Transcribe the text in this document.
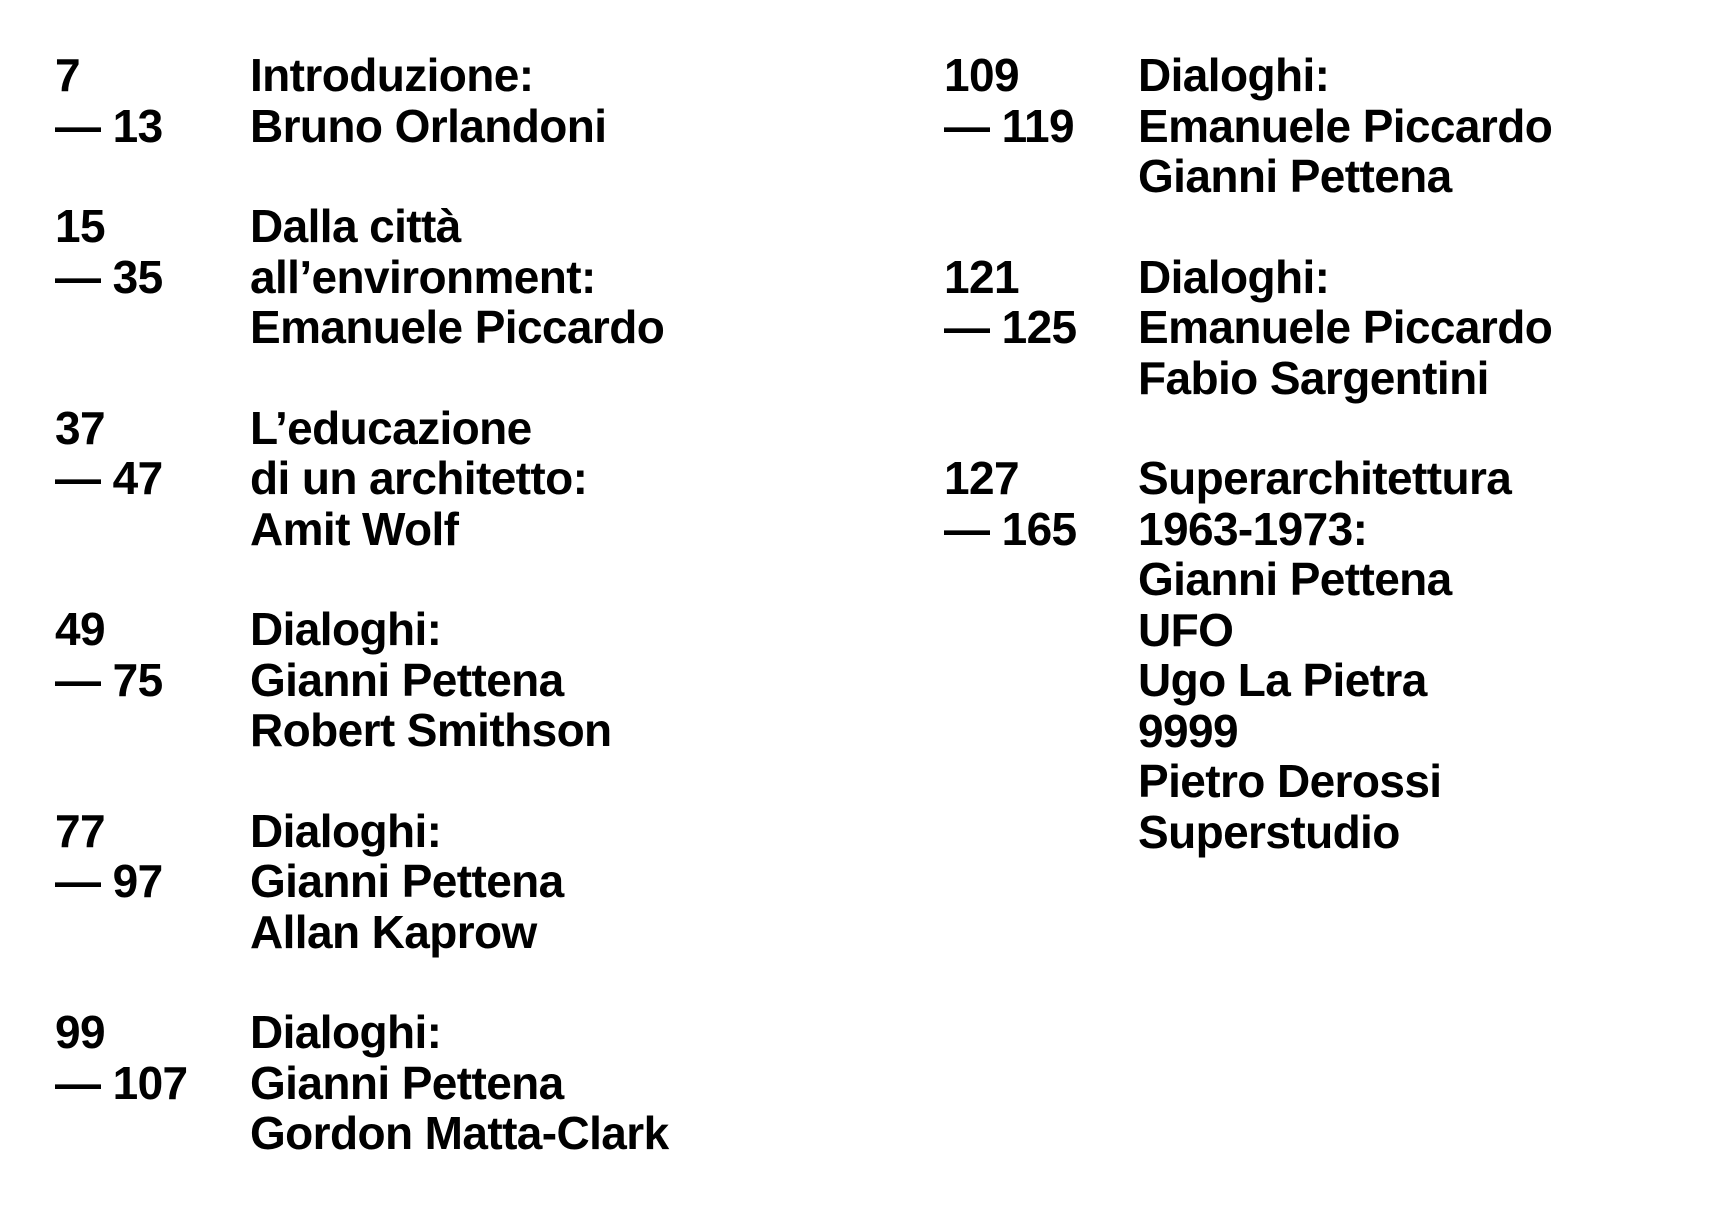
7
— 13
Introduzione:
Bruno Orlandoni
15
— 35
Dalla città
all’environment:
Emanuele Piccardo
37
— 47
L’educazione
di un architetto:
Amit Wolf
49
— 75
Dialoghi:
Gianni Pettena
Robert Smithson
77
— 97
Dialoghi:
Gianni Pettena
Allan Kaprow
99
— 107
Dialoghi:
Gianni Pettena
Gordon Matta-Clark
109
— 119
Dialoghi:
Emanuele Piccardo
Gianni Pettena
121
— 125
Dialoghi:
Emanuele Piccardo
Fabio Sargentini
127
— 165
Superarchitettura
1963-1973:
Gianni Pettena
UFO
Ugo La Pietra
9999
Pietro Derossi
Superstudio
